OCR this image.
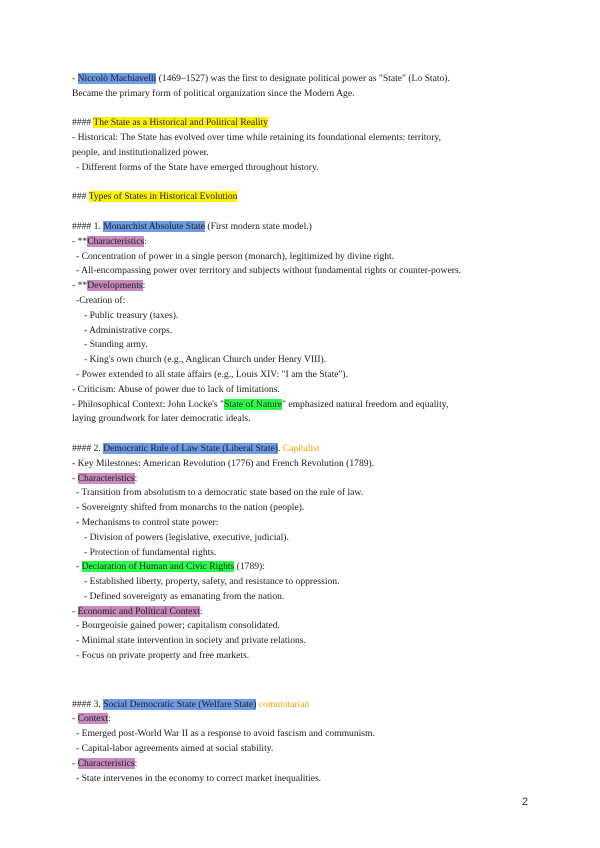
- Niccolò Machiavelli (1469–1527) was the first to designate political power as "State" (Lo Stato).
Became the primary form of political organization since the Modern Age.
#### The State as a Historical and Political Reality
- Historical: The State has evolved over time while retaining its foundational elements: territory,
people, and institutionalized power.
- Different forms of the State have emerged throughout history.
### Types of States in Historical Evolution
#### 1. Monarchist Absolute State (First modern state model.)
- **Characteristics:
- Concentration of power in a single person (monarch), legitimized by divine right.
- All-encompassing power over territory and subjects without fundamental rights or counter-powers.
- **Developments:
-Creation of:
- Public treasury (taxes).
- Administrative corps.
- Standing army.
- King's own church (e.g., Anglican Church under Henry VIII).
- Power extended to all state affairs (e.g., Louis XIV: "I am the State").
- Criticism: Abuse of power due to lack of limitations.
- Philosophical Context: John Locke's "State of Nature" emphasized natural freedom and equality,
laying groundwork for later democratic ideals.
#### 2. Democratic Rule of Law State (Liberal State). Capitalist
- Key Milestones: American Revolution (1776) and French Revolution (1789).
- Characteristics:
- Transition from absolutism to a democratic state based on the rule of law.
- Sovereignty shifted from monarchs to the nation (people).
- Mechanisms to control state power:
- Division of powers (legislative, executive, judicial).
- Protection of fundamental rights.
- Declaration of Human and Civic Rights (1789):
- Established liberty, property, safety, and resistance to oppression.
- Defined sovereignty as emanating from the nation.
- Economic and Political Context:
- Bourgeoisie gained power; capitalism consolidated.
- Minimal state intervention in society and private relations.
- Focus on private property and free markets.
#### 3. Social Democratic State (Welfare State) comunitarian
- Context:
- Emerged post-World War II as a response to avoid fascism and communism.
- Capital-labor agreements aimed at social stability.
- Characteristics:
- State intervenes in the economy to correct market inequalities.
2
